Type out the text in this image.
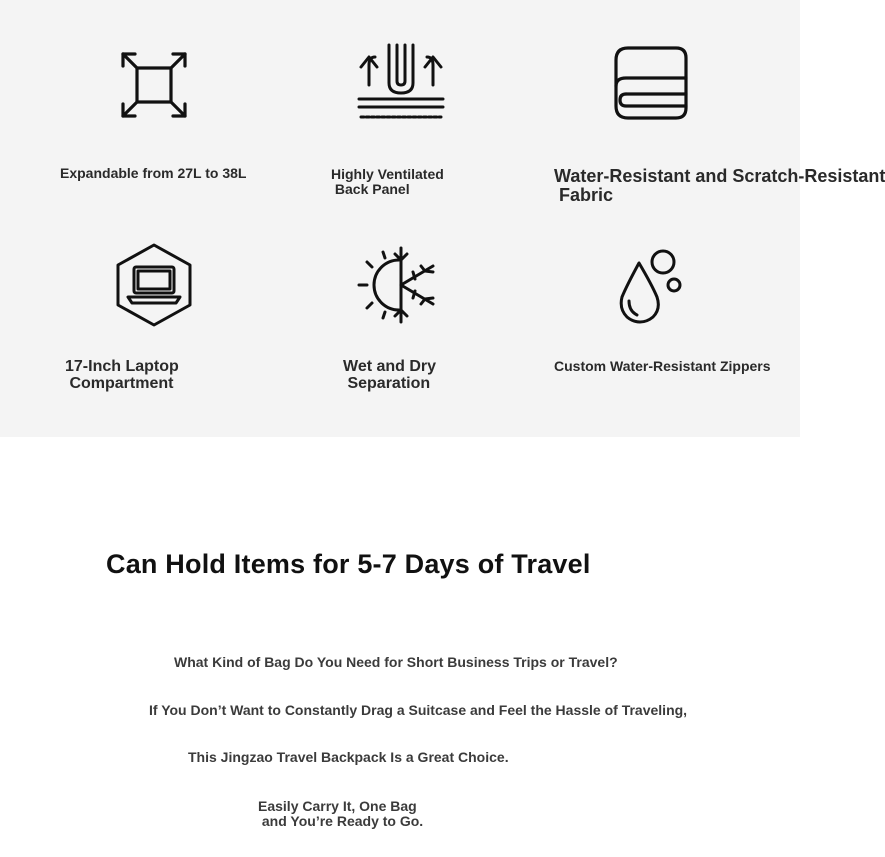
Expandable from 27L to 38L	Highly Ventilated
Back Panel
Water-Resistant and Scratch-Resistant
Fabric
17-Inch Laptop
Compartment
Wet and Dry
Separation
Custom Water-Resistant Zippers
Can Hold Items for 5-7 Days of Travel
What Kind of Bag Do You Need for Short Business Trips or Travel?
If You Don’t Want to Constantly Drag a Suitcase and Feel the Hassle of Traveling,
This Jingzao Travel Backpack Is a Great Choice.
Easily Carry It, One Bag
and You’re Ready to Go.
